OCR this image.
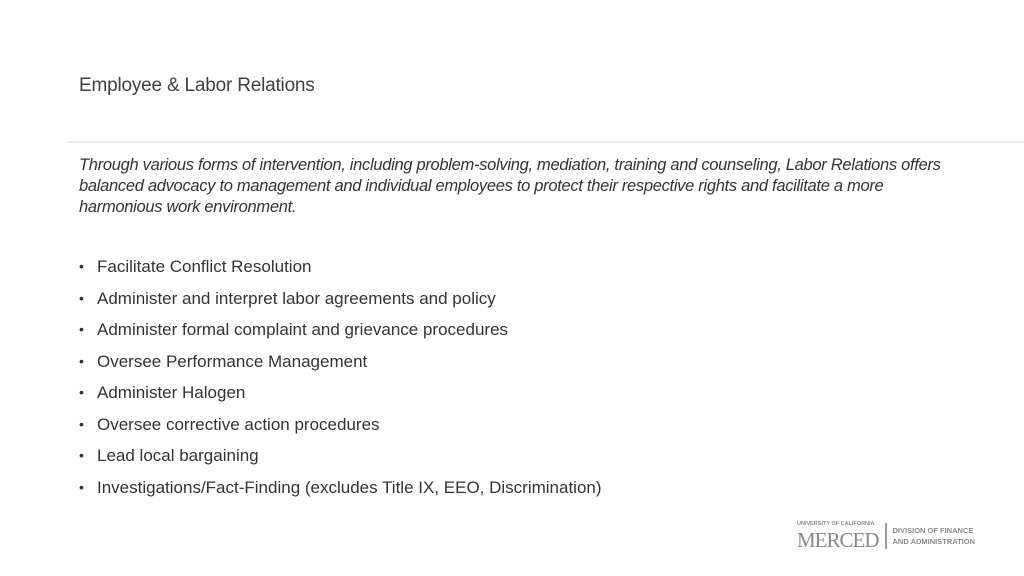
Employee & Labor Relations
Through various forms of intervention, including problem-solving, mediation, training and counseling, Labor Relations offers balanced advocacy to management and individual employees to protect their respective rights and facilitate a more harmonious work environment.
• Facilitate Conflict Resolution
• Administer and interpret labor agreements and policy
• Administer formal complaint and grievance procedures
• Oversee Performance Management
• Administer Halogen
• Oversee corrective action procedures
• Lead local bargaining
• Investigations/Fact-Finding (excludes Title IX, EEO, Discrimination)
UNIVERSITY OF CALIFORNIA
MERCED DIVISION OF FINANCE
AND ADMINISTRATION
